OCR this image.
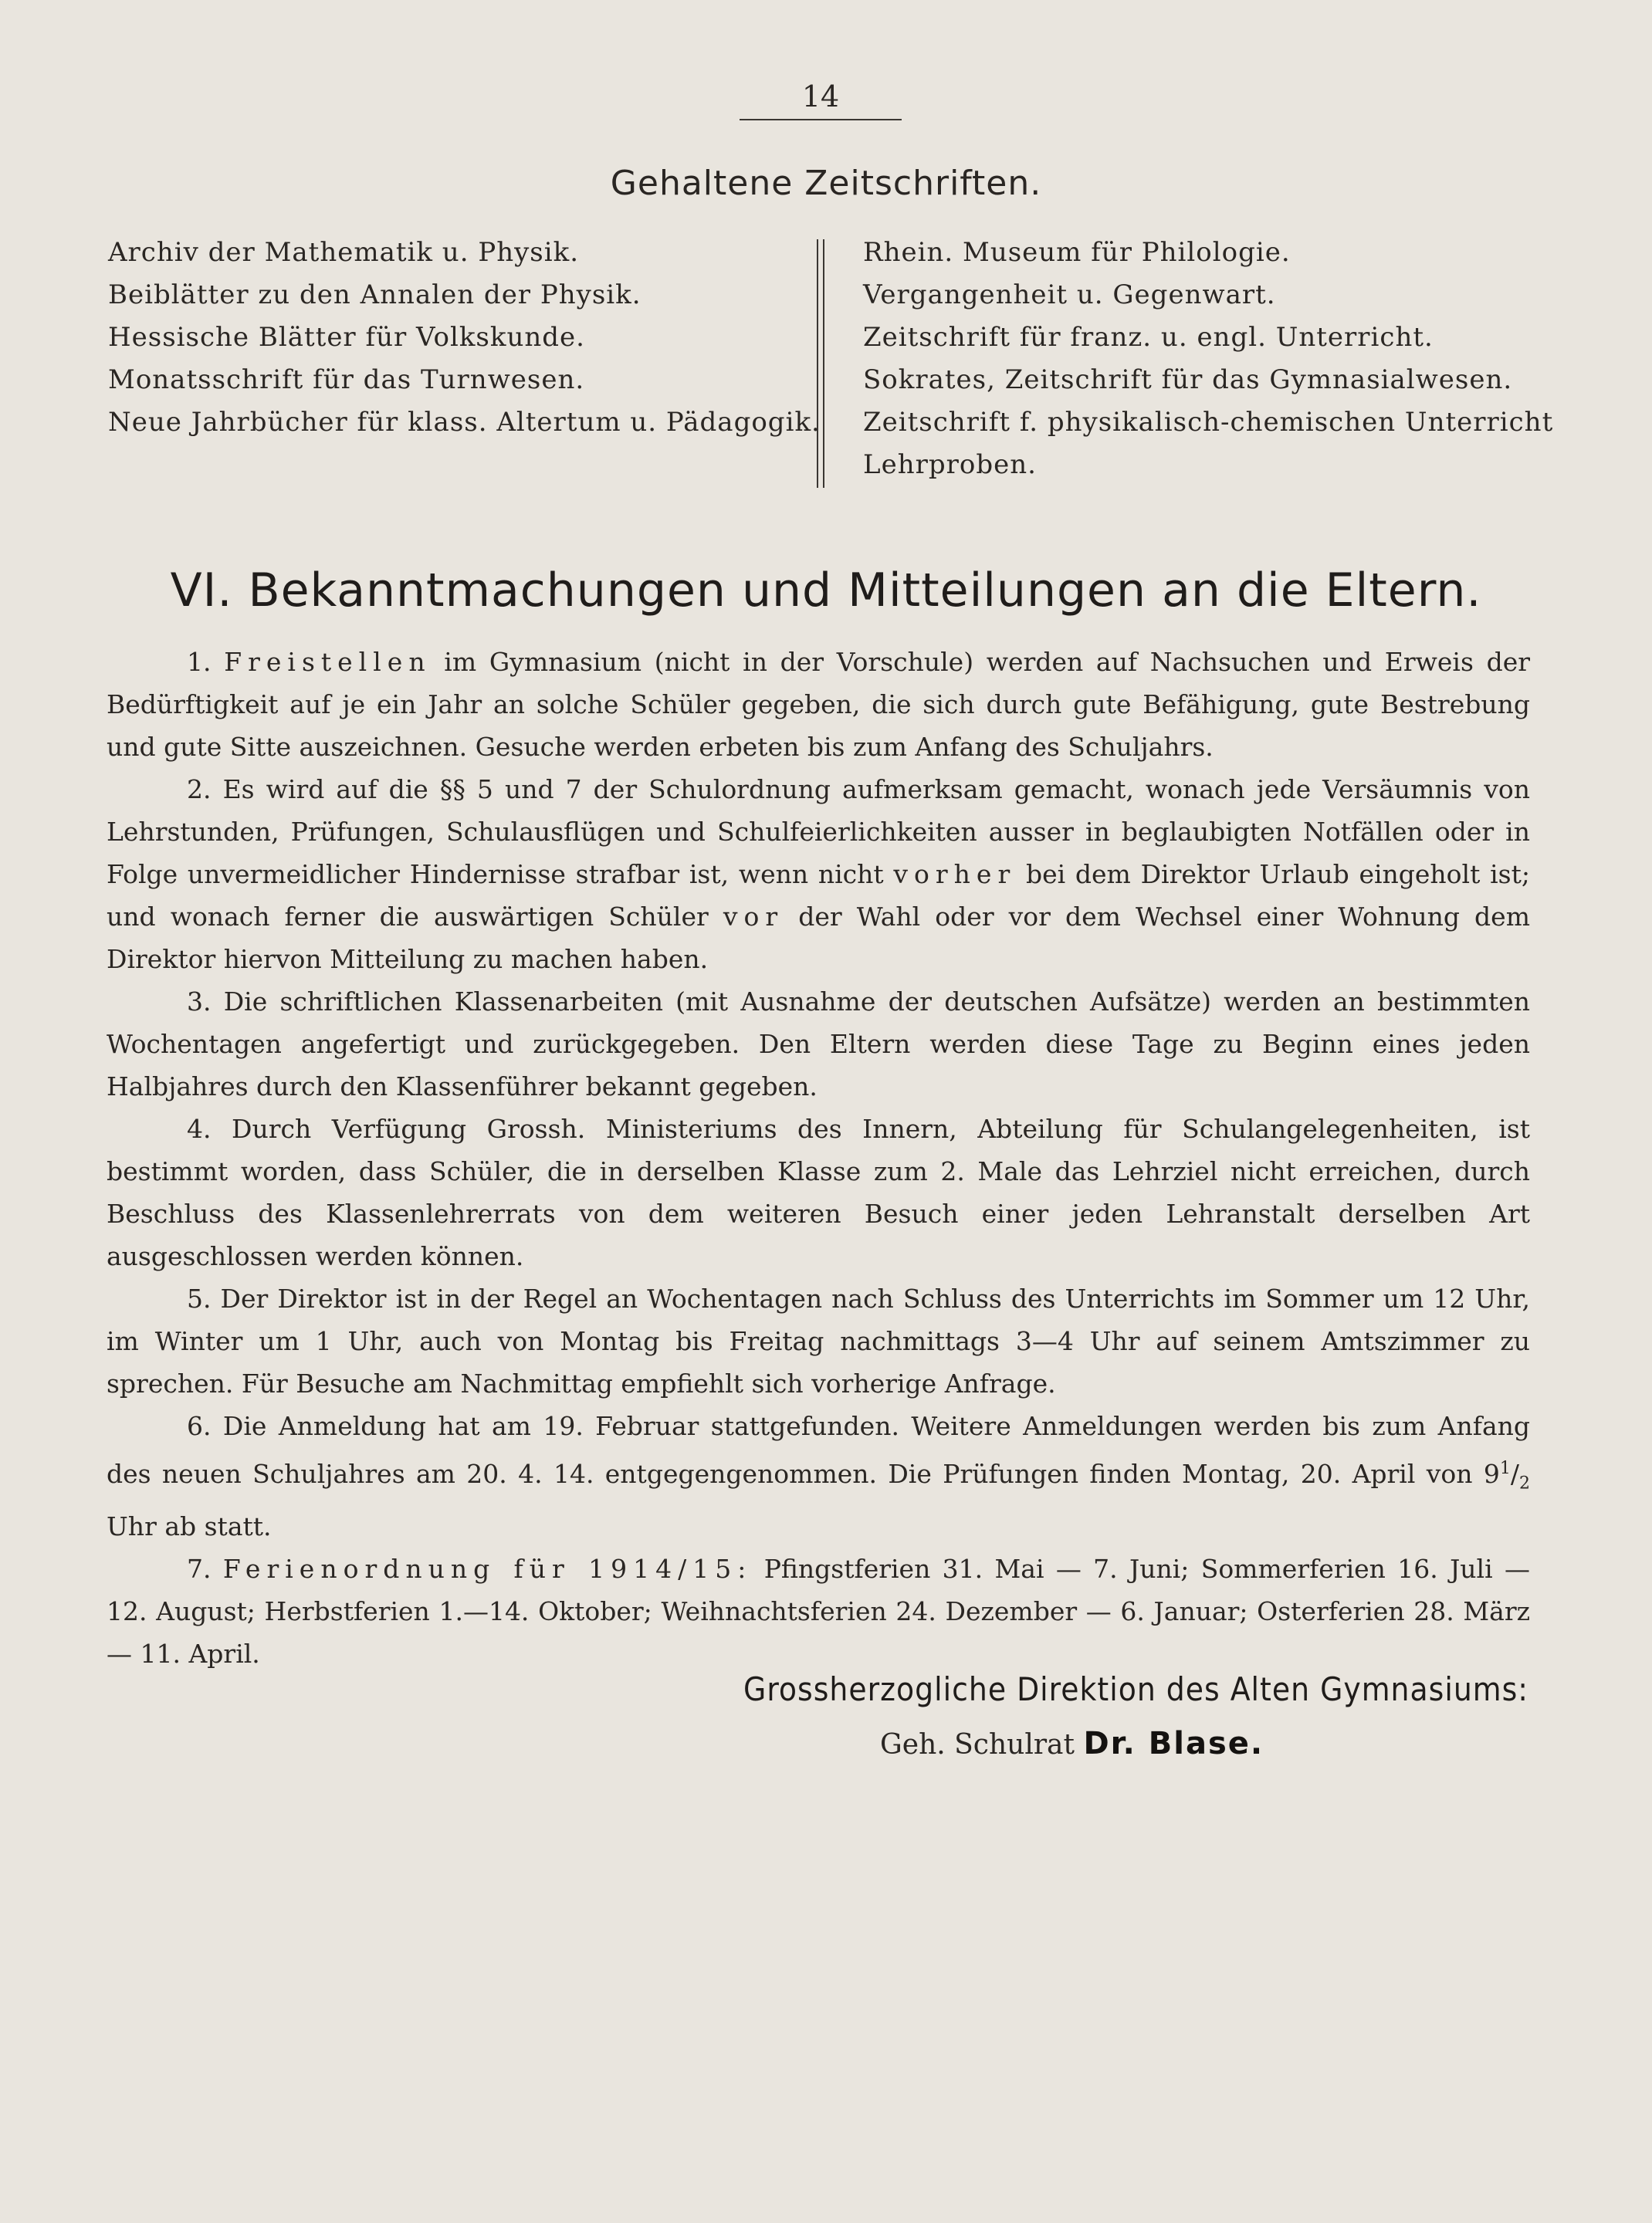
14
Gehaltene Zeitschriften.
Archiv der Mathematik u. Physik.
Beiblätter zu den Annalen der Physik.
Hessische Blätter für Volkskunde.
Monatsschrift für das Turnwesen.
Neue Jahrbücher für klass. Altertum u. Pädagogik.
Rhein. Museum für Philologie.
Vergangenheit u. Gegenwart.
Zeitschrift für franz. u. engl. Unterricht.
Sokrates, Zeitschrift für das Gymnasialwesen.
Zeitschrift f. physikalisch-chemischen Unterricht
Lehrproben.
VI. Bekanntmachungen und Mitteilungen an die Eltern.

1. Freistellen im Gymnasium (nicht in der Vorschule) werden auf Nachsuchen und Erweis der Bedürftigkeit auf je ein Jahr an solche Schüler gegeben, die sich durch gute Befähigung, gute Bestrebung und gute Sitte auszeichnen. Gesuche werden erbeten bis zum Anfang des Schuljahrs.

2. Es wird auf die §§ 5 und 7 der Schulordnung aufmerksam gemacht, wonach jede Versäumnis von Lehrstunden, Prüfungen, Schulausflügen und Schulfeierlichkeiten ausser in beglaubigten Notfällen oder in Folge unvermeidlicher Hindernisse strafbar ist, wenn nicht vorher bei dem Direktor Urlaub eingeholt ist; und wonach ferner die auswärtigen Schüler vor der Wahl oder vor dem Wechsel einer Wohnung dem Direktor hiervon Mitteilung zu machen haben.

3. Die schriftlichen Klassenarbeiten (mit Ausnahme der deutschen Aufsätze) werden an bestimmten Wochentagen angefertigt und zurückgegeben. Den Eltern werden diese Tage zu Beginn eines jeden Halbjahres durch den Klassenführer bekannt gegeben.

4. Durch Verfügung Grossh. Ministeriums des Innern, Abteilung für Schulangelegenheiten, ist bestimmt worden, dass Schüler, die in derselben Klasse zum 2. Male das Lehrziel nicht erreichen, durch Beschluss des Klassenlehrerrats von dem weiteren Besuch einer jeden Lehranstalt derselben Art ausgeschlossen werden können.

5. Der Direktor ist in der Regel an Wochentagen nach Schluss des Unterrichts im Sommer um 12 Uhr, im Winter um 1 Uhr, auch von Montag bis Freitag nachmittags 3—4 Uhr auf seinem Amtszimmer zu sprechen. Für Besuche am Nachmittag empfiehlt sich vorherige Anfrage.

6. Die Anmeldung hat am 19. Februar stattgefunden. Weitere Anmeldungen werden bis zum Anfang des neuen Schuljahres am 20. 4. 14. entgegengenommen. Die Prüfungen finden Montag, 20. April von $9^1/_2$ Uhr ab statt.

7. Ferienordnung für 1914/15: Pfingstferien 31. Mai — 7. Juni; Sommerferien 16. Juli — 12. August; Herbstferien 1.—14. Oktober; Weihnachtsferien 24. Dezember — 6. Januar; Osterferien 28. März — 11. April.

Grossherzogliche Direktion des Alten Gymnasiums:
Geh. Schulrat Dr. Blase.
